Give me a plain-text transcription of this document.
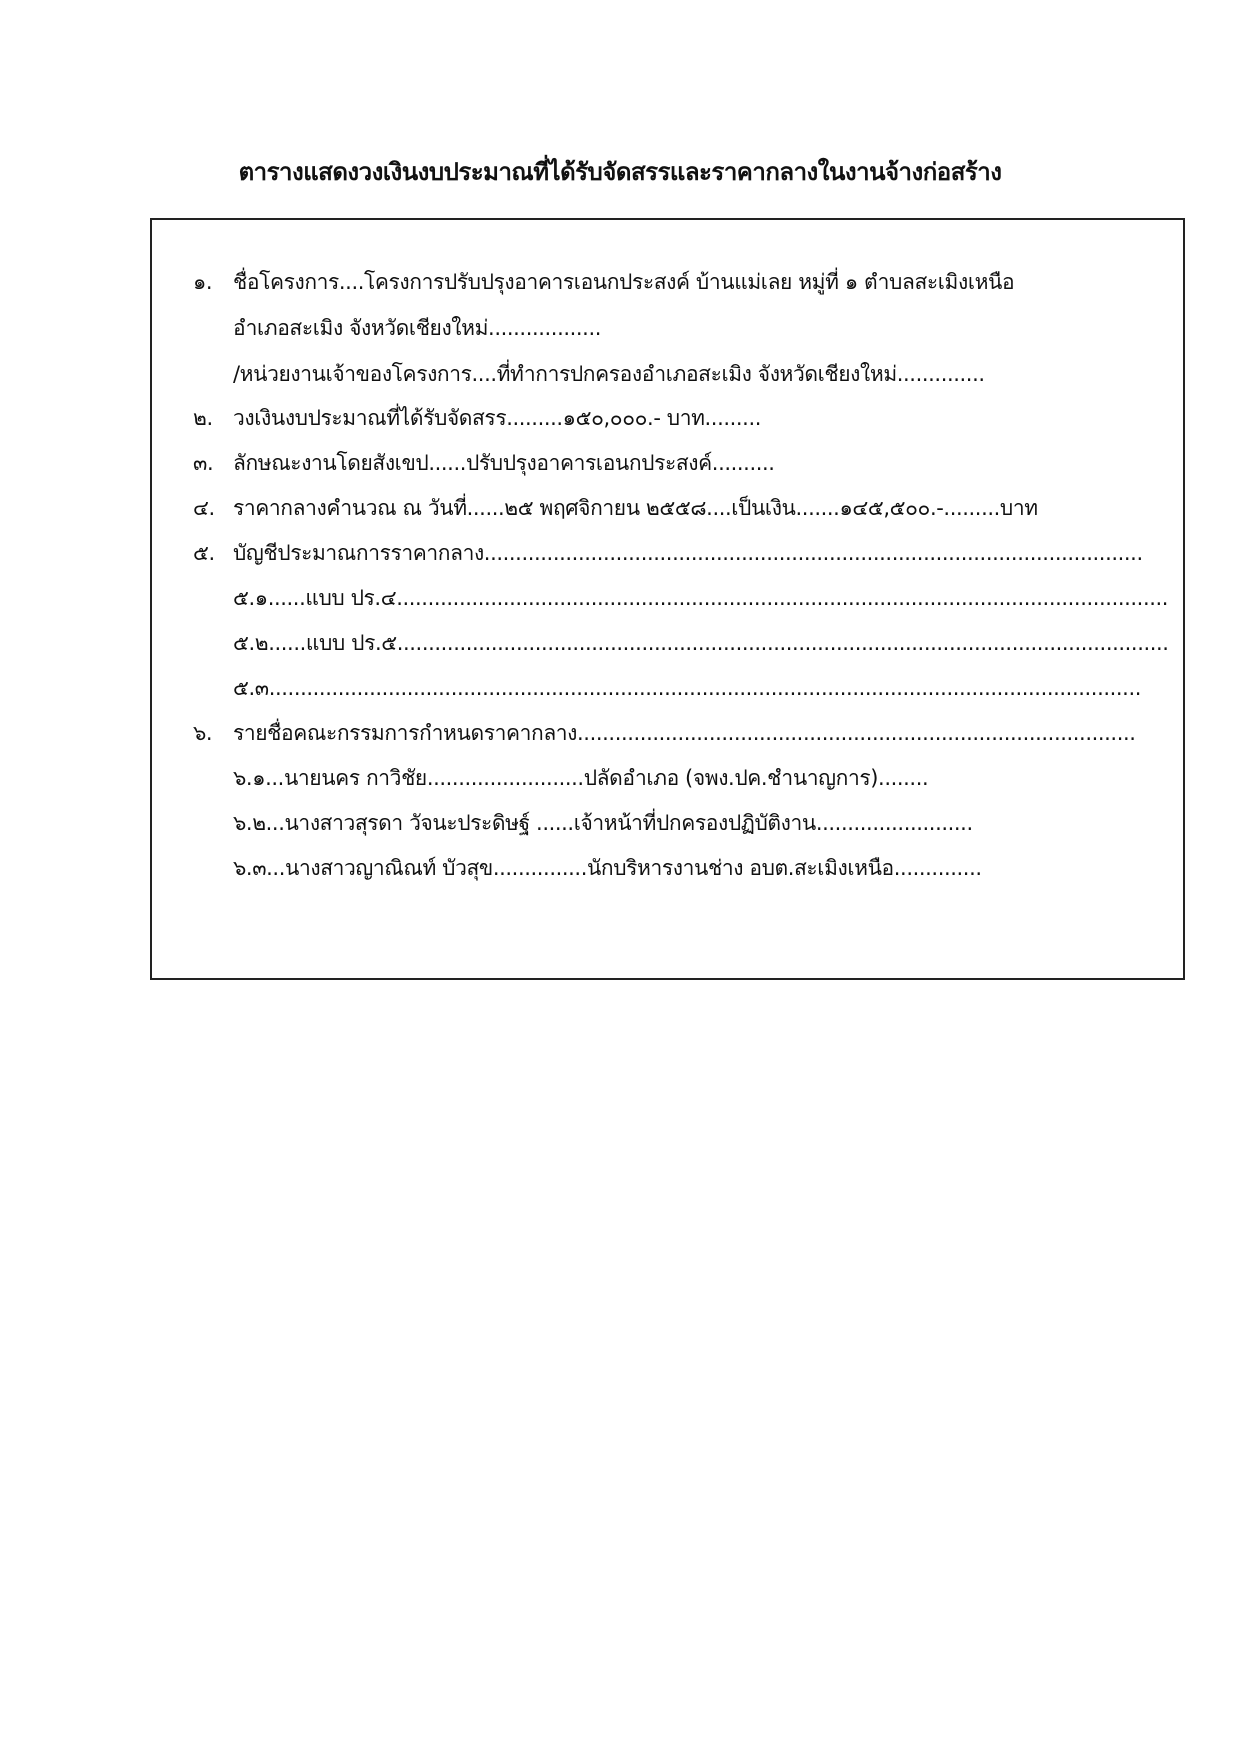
ตารางแสดงวงเงินงบประมาณที่ได้รับจัดสรรและราคากลางในงานจ้างก่อสร้าง
๑. ชื่อโครงการ....โครงการปรับปรุงอาคารเอนกประสงค์ บ้านแม่เลย หมู่ที่ ๑ ตำบลสะเมิงเหนือ
อำเภอสะเมิง จังหวัดเชียงใหม่..................
/หน่วยงานเจ้าของโครงการ....ที่ทำการปกครองอำเภอสะเมิง จังหวัดเชียงใหม่..............
๒. วงเงินงบประมาณที่ได้รับจัดสรร.........๑๕๐,๐๐๐.- บาท.........
๓. ลักษณะงานโดยสังเขป......ปรับปรุงอาคารเอนกประสงค์..........
๔. ราคากลางคำนวณ ณ วันที่......๒๕ พฤศจิกายน ๒๕๕๘....เป็นเงิน.......๑๔๕,๕๐๐.-.........บาท
๕. บัญชีประมาณการราคากลาง.........................................................................................................
๕.๑......แบบ ปร.๔...........................................................................................................................
๕.๒......แบบ ปร.๕...........................................................................................................................
๕.๓...........................................................................................................................................
๖. รายชื่อคณะกรรมการกำหนดราคากลาง.........................................................................................
๖.๑...นายนคร กาวิชัย.........................ปลัดอำเภอ (จพง.ปค.ชำนาญการ)........
๖.๒...นางสาวสุรดา วัจนะประดิษฐ์ ......เจ้าหน้าที่ปกครองปฏิบัติงาน.........................
๖.๓...นางสาวญาณิณท์ บัวสุข...............นักบริหารงานช่าง อบต.สะเมิงเหนือ..............
